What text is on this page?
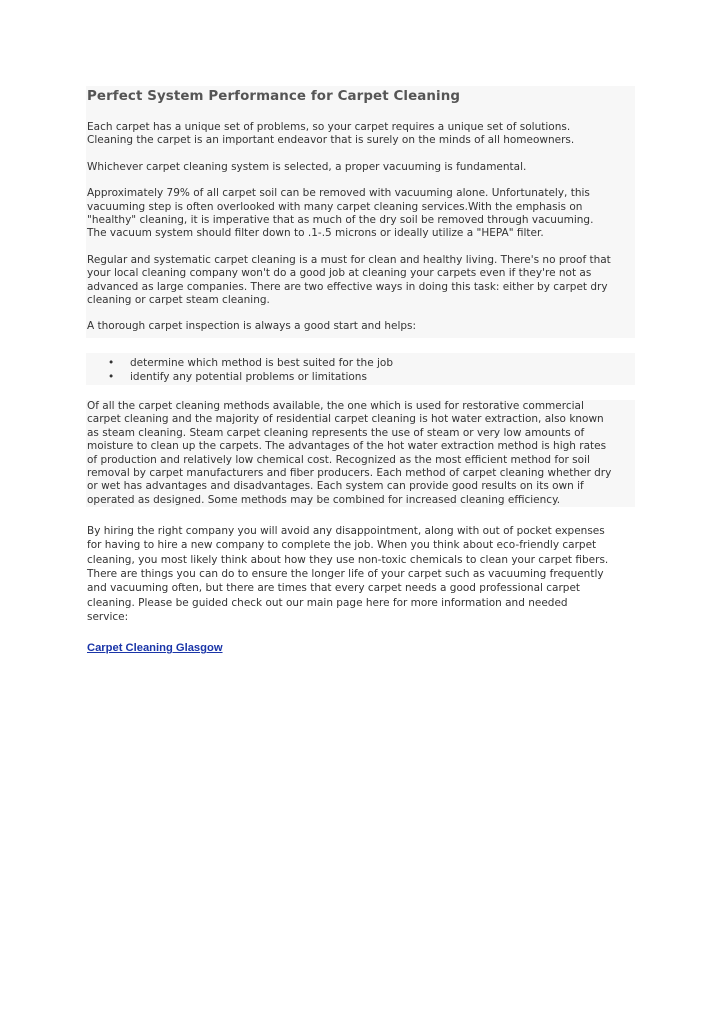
Perfect System Performance for Carpet Cleaning

Each carpet has a unique set of problems, so your carpet requires a unique set of solutions.

Cleaning the carpet is an important endeavor that is surely on the minds of all homeowners.

Whichever carpet cleaning system is selected, a proper vacuuming is fundamental.

Approximately 79% of all carpet soil can be removed with vacuuming alone. Unfortunately, this

vacuuming step is often overlooked with many carpet cleaning services.With the emphasis on

"healthy" cleaning, it is imperative that as much of the dry soil be removed through vacuuming.

The vacuum system should filter down to .1-.5 microns or ideally utilize a "HEPA" filter.

Regular and systematic carpet cleaning is a must for clean and healthy living. There's no proof that

your local cleaning company won't do a good job at cleaning your carpets even if they're not as

advanced as large companies. There are two effective ways in doing this task: either by carpet dry

cleaning or carpet steam cleaning.

A thorough carpet inspection is always a good start and helps:

• determine which method is best suited for the job
• identify any potential problems or limitations

Of all the carpet cleaning methods available, the one which is used for restorative commercial

carpet cleaning and the majority of residential carpet cleaning is hot water extraction, also known

as steam cleaning. Steam carpet cleaning represents the use of steam or very low amounts of

moisture to clean up the carpets. The advantages of the hot water extraction method is high rates

of production and relatively low chemical cost. Recognized as the most efficient method for soil

removal by carpet manufacturers and fiber producers. Each method of carpet cleaning whether dry

or wet has advantages and disadvantages. Each system can provide good results on its own if

operated as designed. Some methods may be combined for increased cleaning efficiency.

By hiring the right company you will avoid any disappointment, along with out of pocket expenses

for having to hire a new company to complete the job. When you think about eco-friendly carpet

cleaning, you most likely think about how they use non-toxic chemicals to clean your carpet fibers.

There are things you can do to ensure the longer life of your carpet such as vacuuming frequently

and vacuuming often, but there are times that every carpet needs a good professional carpet

cleaning. Please be guided check out our main page here for more information and needed

service:

Carpet Cleaning Glasgow
